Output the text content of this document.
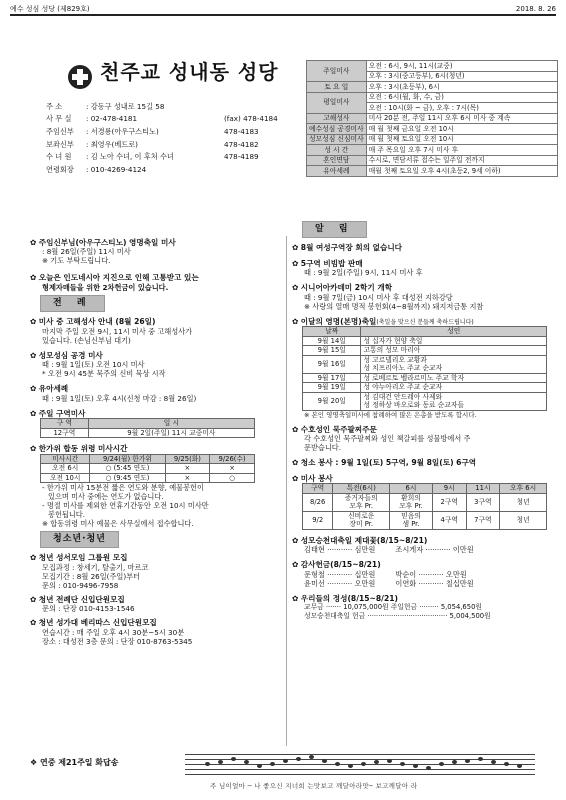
예수 성심 성당 (제829호)	2018. 8. 26
천주교 성내동 성당
주 소	: 강동구 성내로 15길 58
사 무 실	: 02-478-4181	(fax) 478-4184
주임신부	: 서경룡(아우구스티노)	478-4183
보좌신부	: 최영우(베드로)	478-4182
수 녀 원	: 김 노아 수녀, 이 후처 수녀	478-4189
연령회장	: 010-4269-4124
주일미사	오전 : 6시, 9시, 11시(교중)
	오후 : 3시(중고등부), 6시(청년)
토 요 일	오후 : 3시(초등부), 6시
평일미사	오전 : 6시(월, 화, 수, 금)
	오전 : 10시(화 ~ 금), 오후 : 7시(목)
고해성사	미사 20분 전, 주일 11시 오후 6시 미사 중 계속
예수성심 공경미사	매 월 첫째 금요일 오전 10시
성모성심 신심미사	매 월 첫째 토요일 오전 10시
성 시 간	매 주 목요일 오후 7시 미사 후
혼인면담	수시로, 면담서류 접수는 일주일 전까지
유아세례	매월 첫째 토요일 오후 4시(초등2, 9세 이하)
✿ 주임신부님(아우구스티노) 영명축일 미사
: 8월 26일(주일) 11시 미사
※ 기도 부탁드립니다.
✿ 오늘은 인도네시아 지진으로 인해 고통받고 있는
형제자매들을 위한 2차헌금이 있습니다.
전 례
✿ 미사 중 고해성사 안내 (8월 26일)
마지막 주일 오전 9시, 11시 미사 중 고해성사가
있습니다. (손님신부님 대기)
✿ 성모성심 공경 미사
때 : 9월 1일(토) 오전 10시 미사
* 오전 9시 45분 묵주의 신비 묵상 시작
✿ 유아세례
때 : 9월 1일(토) 오후 4시(신청 마감 : 8월 26일)
✿ 주일 구역미사
구 역	일 시
12구역	9월 2일(주일) 11시 교중미사
✿ 한가위 합동 위령 미사시간
미사시간	9/24(월) 한가위	9/25(화)	9/26(수)
오전 6시	○ (5:45 연도)	×	×
오전 10시	○ (9:45 연도)	×	○
- 한가위 미사 15분전 짧은 연도와 분향, 예물봉헌이
있으며 미사 중에는 연도가 없습니다.
- 명절 미사를 제외한 연휴기간동안 오전 10시 미사만
봉헌됩니다.
※ 합동위령 미사 예물은 사무실에서 접수합니다.
청소년·청년
✿ 청년 성서모임 그룹원 모집
모집과정 : 창세기, 탈출기, 마르코
모집기간 : 8월 26일(주일)부터
문의 : 010-9496-7958
✿ 청년 전례단 신입단원모집
문의 : 단장 010-4153-1546
✿ 청년 성가대 베리따스 신입단원모집
연습시간 : 매 주일 오후 4시 30분~5시 30분
장소 : 대성전 3층 문의 : 단장 010-8763-5345
알 림
✿ 8월 여성구역장 회의 없습니다
✿ 5구역 비빔밥 판매
때 : 9월 2일(주일) 9시, 11시 미사 후
✿ 시니어아카데미 2학기 개학
때 : 9월 7일(금) 10시 미사 후 대성전 지하강당
※ 사랑의 열매 명적 봉헌회(4~8월까지) 돼지저금통 지참
✿ 이달의 영명(본명)축일(축일을 맞으신 분들께 축하드립니다)
날짜	성인
9월 14일	성 십자가 현양 축일
9월 15일	고통의 성모 마리아
9월 16일	성 고르넬리오 교황과
성 치프리아노 주교 순교자
9월 17일	성 로베르토 벨라르미노 주교 학자
9월 19일	성 야누아리오 주교 순교자
9월 20일	성 김대건 안드레아 사제와
성 정하상 바오로와 동료 순교자들
※ 본인 영명축일미사에 참례하여 많은 은총을 받도록 합시다.
✿ 수호성인 묵주팔찌주문
각 수호성인 묵주팔찌와 성인 책갈피를 성물방에서 주
문받습니다.
✿ 청소 봉사 : 9월 1일(토) 5구역, 9월 8일(토) 6구역
✿ 미사 봉사
구역	특전(6시)	6시	9시	11시	오후 6시
8/26	증거자들의
모후 Pr.	환희의
모후 Pr.	2구역	3구역	청년
9/2	신비로운
장미 Pr.	믿음의
샘 Pr.	4구역	7구역	청년
✿ 성모승천대축일 제대꽃(8/15~8/21)
김태현 ··········· 심만원	조시게자 ··········· 이만원
✿ 감사헌금(8/15~8/21)
문형철 ··········· 십만원	박순이 ··········· 오만원
윤미선 ··········· 오만원	이연화 ··········· 칠십만원
✿ 우리들의 정성(8/15~8/21)
교무금 ······· 10,075,000원 주일헌금 ········· 5,054,650원
성모승천대축일 헌금 ····································· 5,004,500원
❖ 연중 제21주일 화답송
주 님이얼마 ─ 나 좋으신 지너희 는맛보고 깨달아라맛─ 보고깨달아 라
